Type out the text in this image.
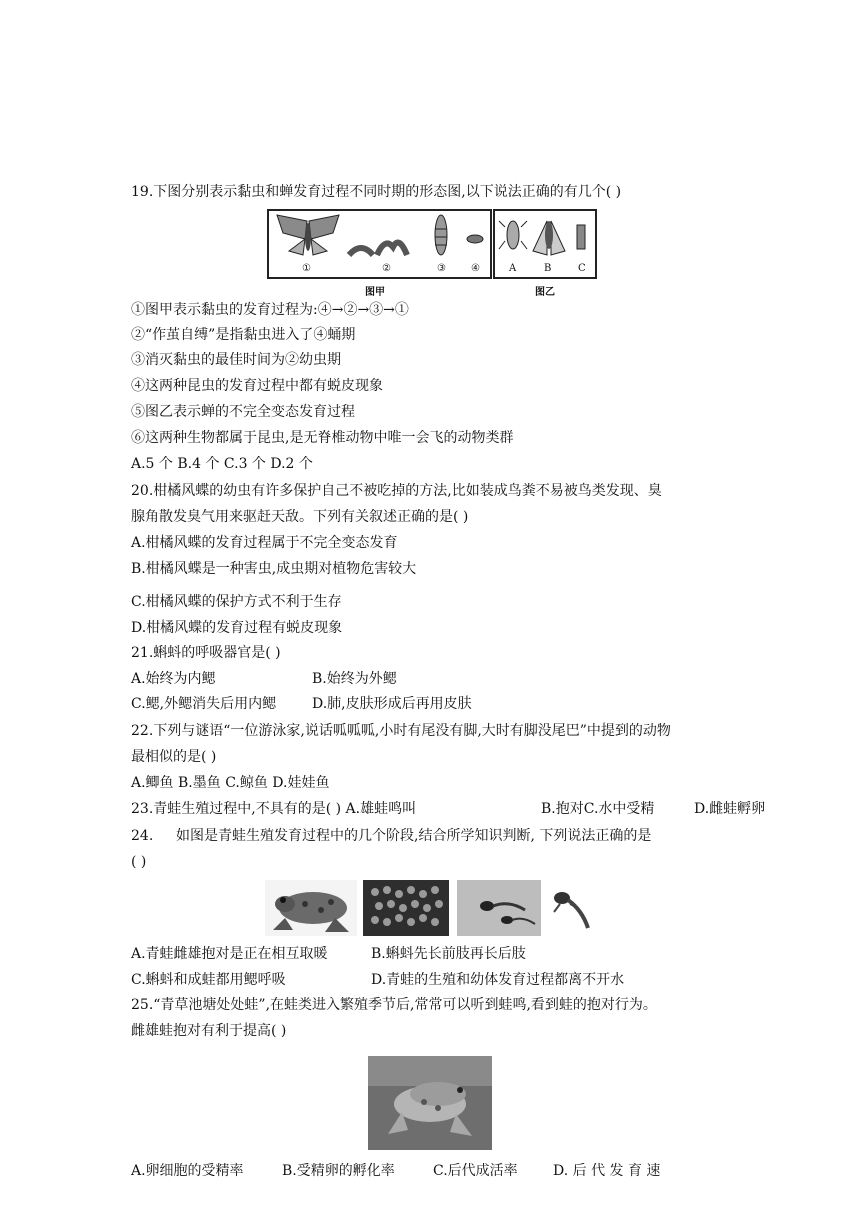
19.下图分别表示黏虫和蝉发育过程不同时期的形态图,以下说法正确的有几个( )
①	②	③	④	A	B	C
图甲	图乙
①图甲表示黏虫的发育过程为:④→②→③→①
②“作茧自缚”是指黏虫进入了④蛹期
③消灭黏虫的最佳时间为②幼虫期
④这两种昆虫的发育过程中都有蜕皮现象
⑤图乙表示蝉的不完全变态发育过程
⑥这两种生物都属于昆虫,是无脊椎动物中唯一会飞的动物类群
A.5 个 B.4 个 C.3 个 D.2 个
20.柑橘风蝶的幼虫有许多保护自己不被吃掉的方法,比如装成鸟粪不易被鸟类发现、臭
腺角散发臭气用来驱赶天敌。下列有关叙述正确的是( )
A.柑橘风蝶的发育过程属于不完全变态发育
B.柑橘风蝶是一种害虫,成虫期对植物危害较大
C.柑橘风蝶的保护方式不利于生存
D.柑橘风蝶的发育过程有蜕皮现象
21.蝌蚪的呼吸器官是( )
A.始终为内鳃	B.始终为外鳃
C.鳃,外鳃消失后用内鳃	D.肺,皮肤形成后再用皮肤
22.下列与谜语“一位游泳家,说话呱呱呱,小时有尾没有脚,大时有脚没尾巴”中提到的动物
最相似的是( )
A.鲫鱼 B.墨鱼 C.鲸鱼 D.娃娃鱼
23.青蛙生殖过程中,不具有的是( ) A.雄蛙鸣叫	B.抱对C.水中受精	D.雌蛙孵卵
24. 如图是青蛙生殖发育过程中的几个阶段,结合所学知识判断, 下列说法正确的是
( )
A.青蛙雌雄抱对是正在相互取暖	B.蝌蚪先长前肢再长后肢
C.蝌蚪和成蛙都用鳃呼吸	D.青蛙的生殖和幼体发育过程都离不开水
25.“青草池塘处处蛙”,在蛙类进入繁殖季节后,常常可以听到蛙鸣,看到蛙的抱对行为。
雌雄蛙抱对有利于提高( )
A.卵细胞的受精率	B.受精卵的孵化率	C.后代成活率	D. 后 代 发 育 速
